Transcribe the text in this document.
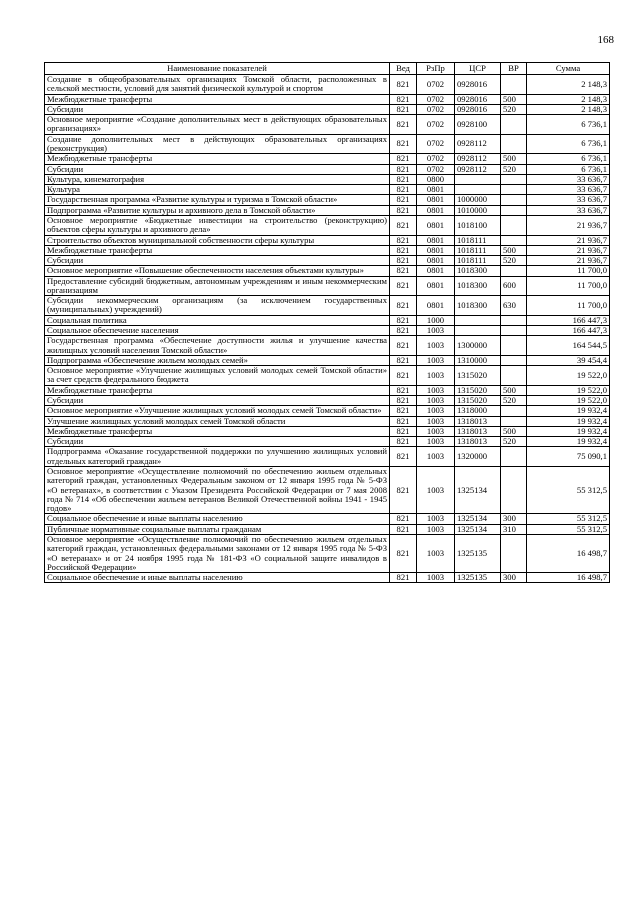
168
Наименование показателей	Вед	РзПр	ЦСР	ВР	Сумма
Создание в общеобразовательных организациях Томской области, расположенных в сельской местности, условий для занятий физической культурой и спортом	821	0702	0928016		2 148,3
Межбюджетные трансферты	821	0702	0928016	500	2 148,3
Субсидии	821	0702	0928016	520	2 148,3
Основное мероприятие «Создание дополнительных мест в действующих образовательных организациях»	821	0702	0928100		6 736,1
Создание дополнительных мест в действующих образовательных организациях (реконструкция)	821	0702	0928112		6 736,1
Межбюджетные трансферты	821	0702	0928112	500	6 736,1
Субсидии	821	0702	0928112	520	6 736,1
Культура, кинематография	821	0800			33 636,7
Культура	821	0801			33 636,7
Государственная программа «Развитие культуры и туризма в Томской области»	821	0801	1000000		33 636,7
Подпрограмма «Развитие культуры и архивного дела в Томской области»	821	0801	1010000		33 636,7
Основное мероприятие «Бюджетные инвестиции на строительство (реконструкцию) объектов сферы культуры и архивного дела»	821	0801	1018100		21 936,7
Строительство объектов муниципальной собственности сферы культуры	821	0801	1018111		21 936,7
Межбюджетные трансферты	821	0801	1018111	500	21 936,7
Субсидии	821	0801	1018111	520	21 936,7
Основное мероприятие «Повышение обеспеченности населения объектами культуры»	821	0801	1018300		11 700,0
Предоставление субсидий бюджетным, автономным учреждениям и иным некоммерческим организациям	821	0801	1018300	600	11 700,0
Субсидии некоммерческим организациям (за исключением государственных (муниципальных) учреждений)	821	0801	1018300	630	11 700,0
Социальная политика	821	1000			166 447,3
Социальное обеспечение населения	821	1003			166 447,3
Государственная программа «Обеспечение доступности жилья и улучшение качества жилищных условий населения Томской области»	821	1003	1300000		164 544,5
Подпрограмма «Обеспечение жильем молодых семей»	821	1003	1310000		39 454,4
Основное мероприятие «Улучшение жилищных условий молодых семей Томской области» за счет средств федерального бюджета	821	1003	1315020		19 522,0
Межбюджетные трансферты	821	1003	1315020	500	19 522,0
Субсидии	821	1003	1315020	520	19 522,0
Основное мероприятие «Улучшение жилищных условий молодых семей Томской области»	821	1003	1318000		19 932,4
Улучшение жилищных условий молодых семей Томской области	821	1003	1318013		19 932,4
Межбюджетные трансферты	821	1003	1318013	500	19 932,4
Субсидии	821	1003	1318013	520	19 932,4
Подпрограмма «Оказание государственной поддержки по улучшению жилищных условий отдельных категорий граждан»	821	1003	1320000		75 090,1
Основное мероприятие «Осуществление полномочий по обеспечению жильем отдельных категорий граждан, установленных Федеральным законом от 12 января 1995 года № 5-ФЗ «О ветеранах», в соответствии с Указом Президента Российской Федерации от 7 мая 2008 года № 714 «Об обеспечении жильем ветеранов Великой Отечественной войны 1941 - 1945 годов»	821	1003	1325134		55 312,5
Социальное обеспечение и иные выплаты населению	821	1003	1325134	300	55 312,5
Публичные нормативные социальные выплаты гражданам	821	1003	1325134	310	55 312,5
Основное мероприятие «Осуществление полномочий по обеспечению жильем отдельных категорий граждан, установленных федеральными законами от 12 января 1995 года № 5-ФЗ «О ветеранах» и от 24 ноября 1995 года № 181-ФЗ «О социальной защите инвалидов в Российской Федерации»	821	1003	1325135		16 498,7
Социальное обеспечение и иные выплаты населению	821	1003	1325135	300	16 498,7
